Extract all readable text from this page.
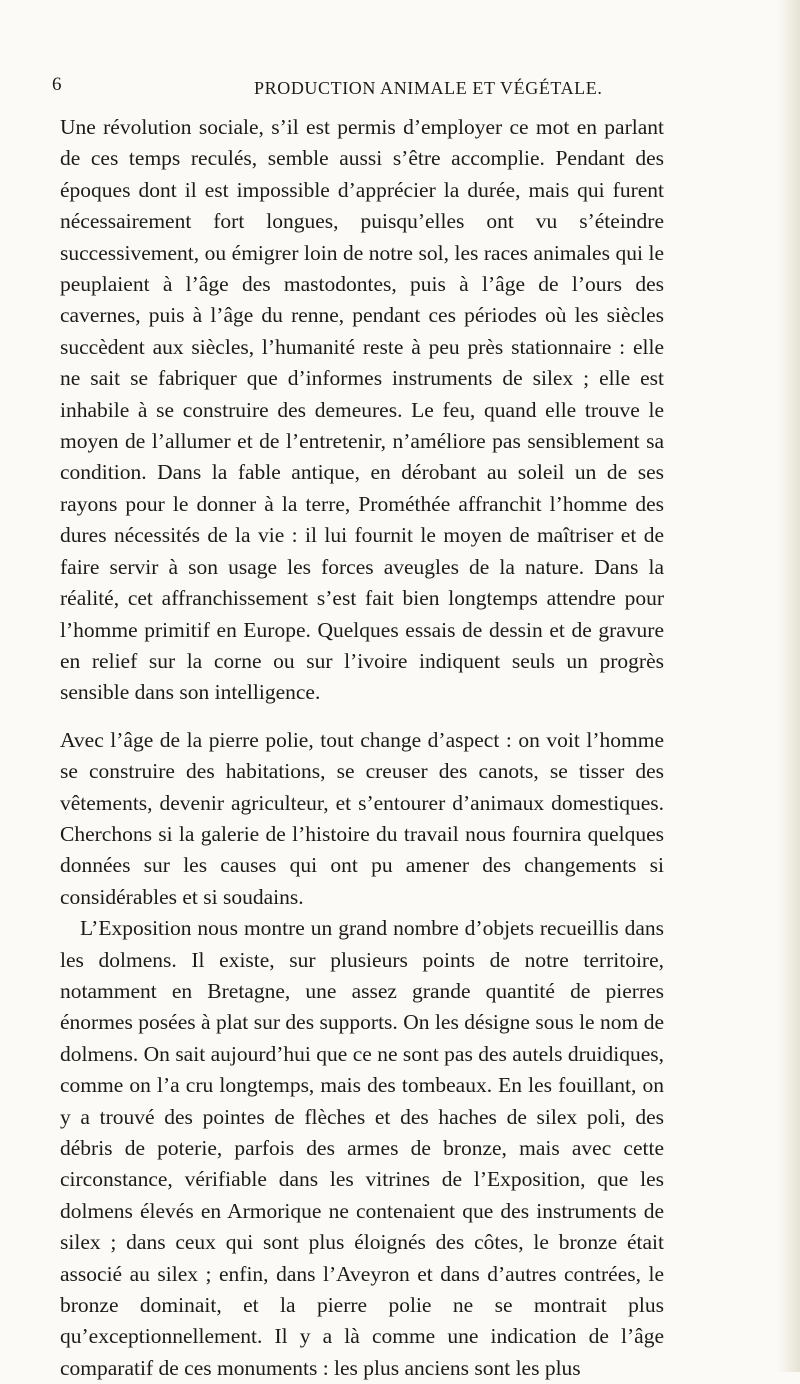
6	PRODUCTION ANIMALE ET VÉGÉTALE.

Une révolution sociale, s’il est permis d’employer ce mot en parlant de ces temps reculés, semble aussi s’être accomplie. Pendant des époques dont il est impossible d’apprécier la durée, mais qui furent nécessairement fort longues, puisqu’elles ont vu s’éteindre successivement, ou émigrer loin de notre sol, les races animales qui le peuplaient à l’âge des mastodontes, puis à l’âge de l’ours des cavernes, puis à l’âge du renne, pendant ces périodes où les siècles succèdent aux siècles, l’humanité reste à peu près stationnaire : elle ne sait se fabriquer que d’informes instruments de silex ; elle est inhabile à se construire des demeures. Le feu, quand elle trouve le moyen de l’allumer et de l’entretenir, n’améliore pas sensiblement sa condition. Dans la fable antique, en dérobant au soleil un de ses rayons pour le donner à la terre, Prométhée affranchit l’homme des dures nécessités de la vie : il lui fournit le moyen de maîtriser et de faire servir à son usage les forces aveugles de la nature. Dans la réalité, cet affranchissement s’est fait bien longtemps attendre pour l’homme primitif en Europe. Quelques essais de dessin et de gravure en relief sur la corne ou sur l’ivoire indiquent seuls un progrès sensible dans son intelligence.

Avec l’âge de la pierre polie, tout change d’aspect : on voit l’homme se construire des habitations, se creuser des canots, se tisser des vêtements, devenir agriculteur, et s’entourer d’animaux domestiques. Cherchons si la galerie de l’histoire du travail nous fournira quelques données sur les causes qui ont pu amener des changements si considérables et si soudains.

L’Exposition nous montre un grand nombre d’objets recueillis dans les dolmens. Il existe, sur plusieurs points de notre territoire, notamment en Bretagne, une assez grande quantité de pierres énormes posées à plat sur des supports. On les désigne sous le nom de dolmens. On sait aujourd’hui que ce ne sont pas des autels druidiques, comme on l’a cru longtemps, mais des tombeaux. En les fouillant, on y a trouvé des pointes de flèches et des haches de silex poli, des débris de poterie, parfois des armes de bronze, mais avec cette circonstance, vérifiable dans les vitrines de l’Exposition, que les dolmens élevés en Armorique ne contenaient que des instruments de silex ; dans ceux qui sont plus éloignés des côtes, le bronze était associé au silex ; enfin, dans l’Aveyron et dans d’autres contrées, le bronze dominait, et la pierre polie ne se montrait plus qu’exceptionnellement. Il y a là comme une indication de l’âge comparatif de ces monuments : les plus anciens sont les plus
